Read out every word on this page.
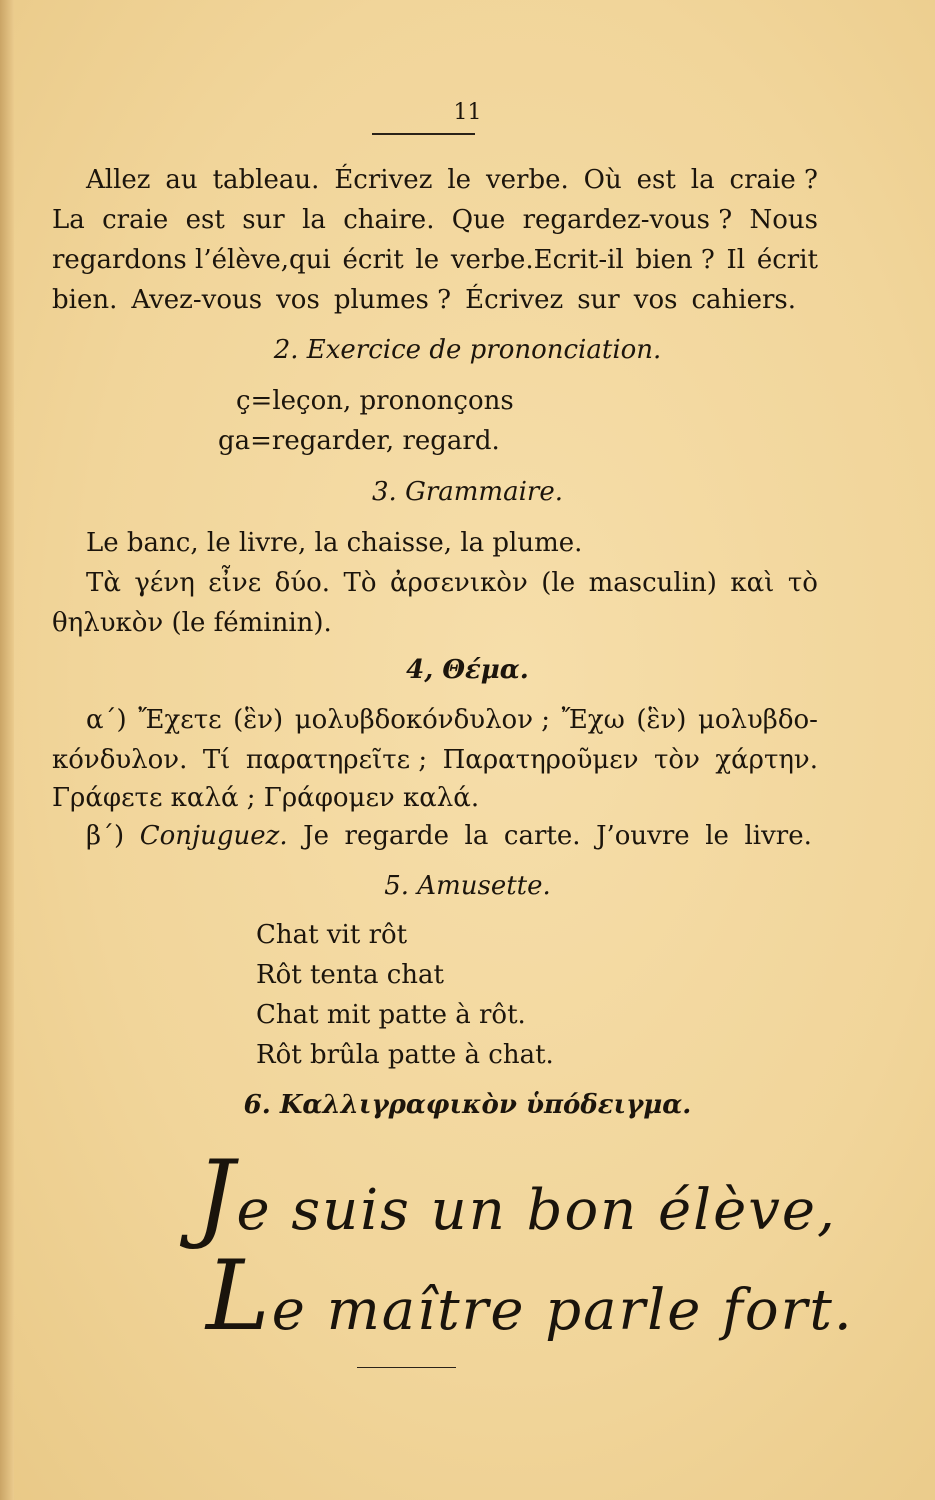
11
Allez au tableau. Écrivez le verbe. Où est la craie ?
La craie est sur la chaire. Que regardez-vous ? Nous
regardons l’élève,qui écrit le verbe.Ecrit-il bien ? Il écrit
bien. Avez-vous vos plumes ? Écrivez sur vos cahiers.
2. Exercice de prononciation.
ç=leçon, prononçons
ga=regarder, regard.
3. Grammaire.
Le banc, le livre, la chaisse, la plume.
Τὰ γένη εἶνε δύο. Τὸ ἀρσενικὸν (le masculin) καὶ τὸ
θηλυκὸν (le féminin).
4, Θέμα.
α΄) Ἔχετε (ἓν) μολυβδοκόνδυλον ; Ἔχω (ἓν) μολυβδο-
κόνδυλον. Τί παρατηρεῖτε ; Παρατηροῦμεν τὸν χάρτην.
Γράφετε καλά ; Γράφομεν καλά.
β΄) Conjuguez. Je regarde la carte. J’ouvre le livre.
5. Amusette.
Chat vit rôt
Rôt tenta chat
Chat mit patte à rôt.
Rôt brûla patte à chat.
6. Καλλιγραφικὸν ὑπόδειγμα.
Je suis un bon élève,
Le maître parle fort.
